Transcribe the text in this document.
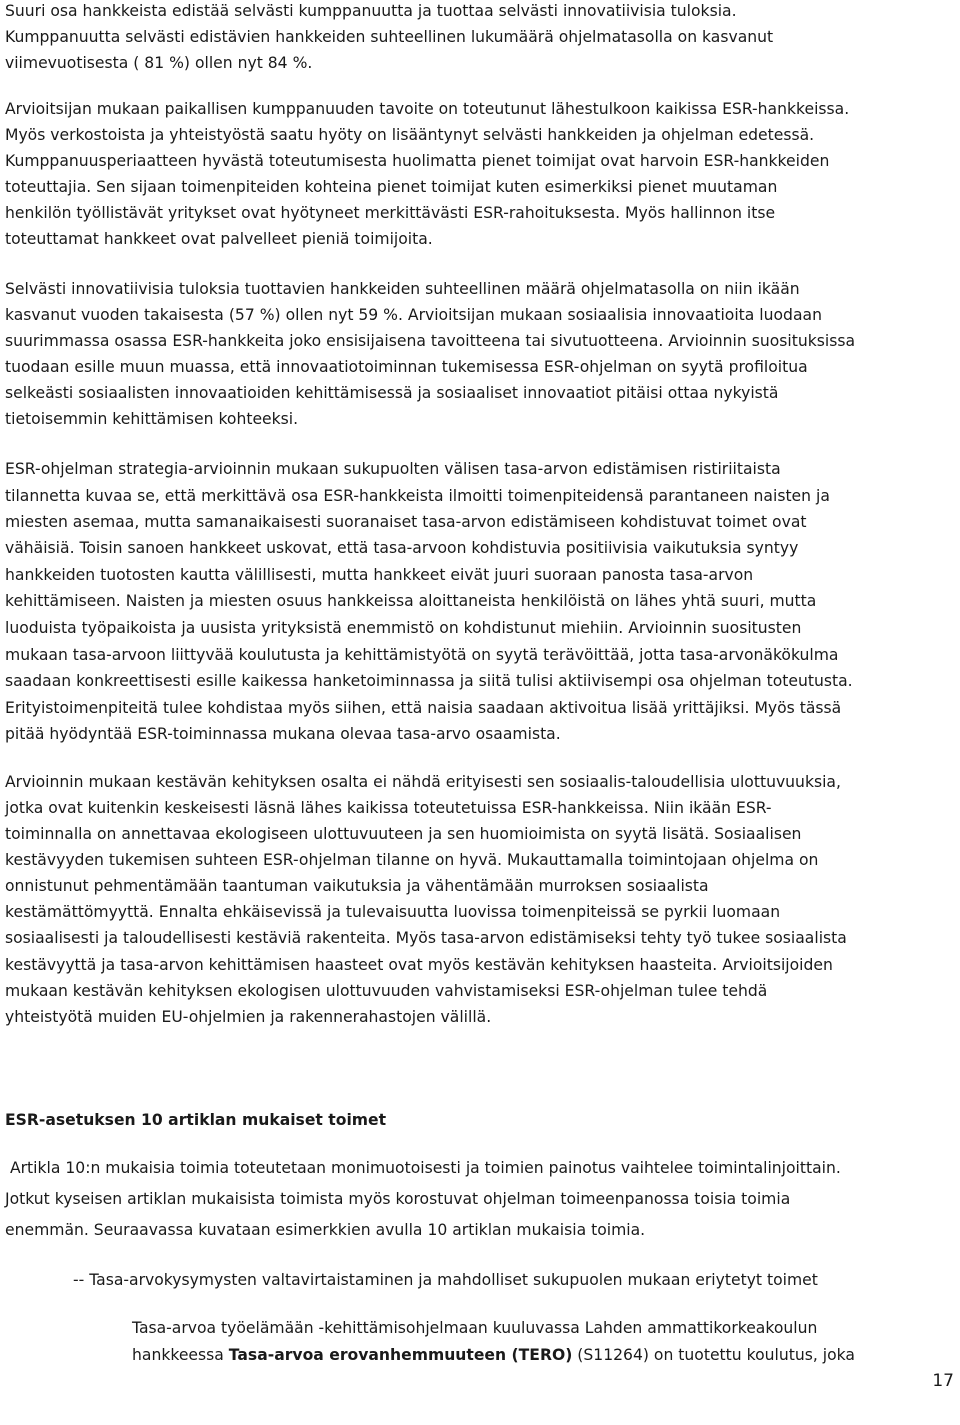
Suuri osa hankkeista edistää selvästi kumppanuutta ja tuottaa selvästi innovatiivisia tuloksia.
Kumppanuutta selvästi edistävien hankkeiden suhteellinen lukumäärä ohjelmatasolla on kasvanut
viimevuotisesta ( 81 %) ollen nyt 84 %.
Arvioitsijan mukaan paikallisen kumppanuuden tavoite on toteutunut lähestulkoon kaikissa ESR-hankkeissa.
Myös verkostoista ja yhteistyöstä saatu hyöty on lisääntynyt selvästi hankkeiden ja ohjelman edetessä.
Kumppanuusperiaatteen hyvästä toteutumisesta huolimatta pienet toimijat ovat harvoin ESR-hankkeiden
toteuttajia. Sen sijaan toimenpiteiden kohteina pienet toimijat kuten esimerkiksi pienet muutaman
henkilön työllistävät yritykset ovat hyötyneet merkittävästi ESR-rahoituksesta. Myös hallinnon itse
toteuttamat hankkeet ovat palvelleet pieniä toimijoita.
Selvästi innovatiivisia tuloksia tuottavien hankkeiden suhteellinen määrä ohjelmatasolla on niin ikään
kasvanut vuoden takaisesta (57 %) ollen nyt 59 %. Arvioitsijan mukaan sosiaalisia innovaatioita luodaan
suurimmassa osassa ESR-hankkeita joko ensisijaisena tavoitteena tai sivutuotteena. Arvioinnin suosituksissa
tuodaan esille muun muassa, että innovaatiotoiminnan tukemisessa ESR-ohjelman on syytä profiloitua
selkeästi sosiaalisten innovaatioiden kehittämisessä ja sosiaaliset innovaatiot pitäisi ottaa nykyistä
tietoisemmin kehittämisen kohteeksi.
ESR-ohjelman strategia-arvioinnin mukaan sukupuolten välisen tasa-arvon edistämisen ristiriitaista
tilannetta kuvaa se, että merkittävä osa ESR-hankkeista ilmoitti toimenpiteidensä parantaneen naisten ja
miesten asemaa, mutta samanaikaisesti suoranaiset tasa-arvon edistämiseen kohdistuvat toimet ovat
vähäisiä. Toisin sanoen hankkeet uskovat, että tasa-arvoon kohdistuvia positiivisia vaikutuksia syntyy
hankkeiden tuotosten kautta välillisesti, mutta hankkeet eivät juuri suoraan panosta tasa-arvon
kehittämiseen. Naisten ja miesten osuus hankkeissa aloittaneista henkilöistä on lähes yhtä suuri, mutta
luoduista työpaikoista ja uusista yrityksistä enemmistö on kohdistunut miehiin. Arvioinnin suositusten
mukaan tasa-arvoon liittyvää koulutusta ja kehittämistyötä on syytä terävöittää, jotta tasa-arvonäkökulma
saadaan konkreettisesti esille kaikessa hanketoiminnassa ja siitä tulisi aktiivisempi osa ohjelman toteutusta.
Erityistoimenpiteitä tulee kohdistaa myös siihen, että naisia saadaan aktivoitua lisää yrittäjiksi. Myös tässä
pitää hyödyntää ESR-toiminnassa mukana olevaa tasa-arvo osaamista.
Arvioinnin mukaan kestävän kehityksen osalta ei nähdä erityisesti sen sosiaalis-taloudellisia ulottuvuuksia,
jotka ovat kuitenkin keskeisesti läsnä lähes kaikissa toteutetuissa ESR-hankkeissa. Niin ikään ESR-
toiminnalla on annettavaa ekologiseen ulottuvuuteen ja sen huomioimista on syytä lisätä. Sosiaalisen
kestävyyden tukemisen suhteen ESR-ohjelman tilanne on hyvä. Mukauttamalla toimintojaan ohjelma on
onnistunut pehmentämään taantuman vaikutuksia ja vähentämään murroksen sosiaalista
kestämättömyyttä. Ennalta ehkäisevissä ja tulevaisuutta luovissa toimenpiteissä se pyrkii luomaan
sosiaalisesti ja taloudellisesti kestäviä rakenteita. Myös tasa-arvon edistämiseksi tehty työ tukee sosiaalista
kestävyyttä ja tasa-arvon kehittämisen haasteet ovat myös kestävän kehityksen haasteita. Arvioitsijoiden
mukaan kestävän kehityksen ekologisen ulottuvuuden vahvistamiseksi ESR-ohjelman tulee tehdä
yhteistyötä muiden EU-ohjelmien ja rakennerahastojen välillä.
ESR-asetuksen 10 artiklan mukaiset toimet
Artikla 10:n mukaisia toimia toteutetaan monimuotoisesti ja toimien painotus vaihtelee toimintalinjoittain.
Jotkut kyseisen artiklan mukaisista toimista myös korostuvat ohjelman toimeenpanossa toisia toimia
enemmän. Seuraavassa kuvataan esimerkkien avulla 10 artiklan mukaisia toimia.
-- Tasa-arvokysymysten valtavirtaistaminen ja mahdolliset sukupuolen mukaan eriytetyt toimet
Tasa-arvoa työelämään -kehittämisohjelmaan kuuluvassa Lahden ammattikorkeakoulun
hankkeessa Tasa-arvoa erovanhemmuuteen (TERO) (S11264) on tuotettu koulutus, joka
17
